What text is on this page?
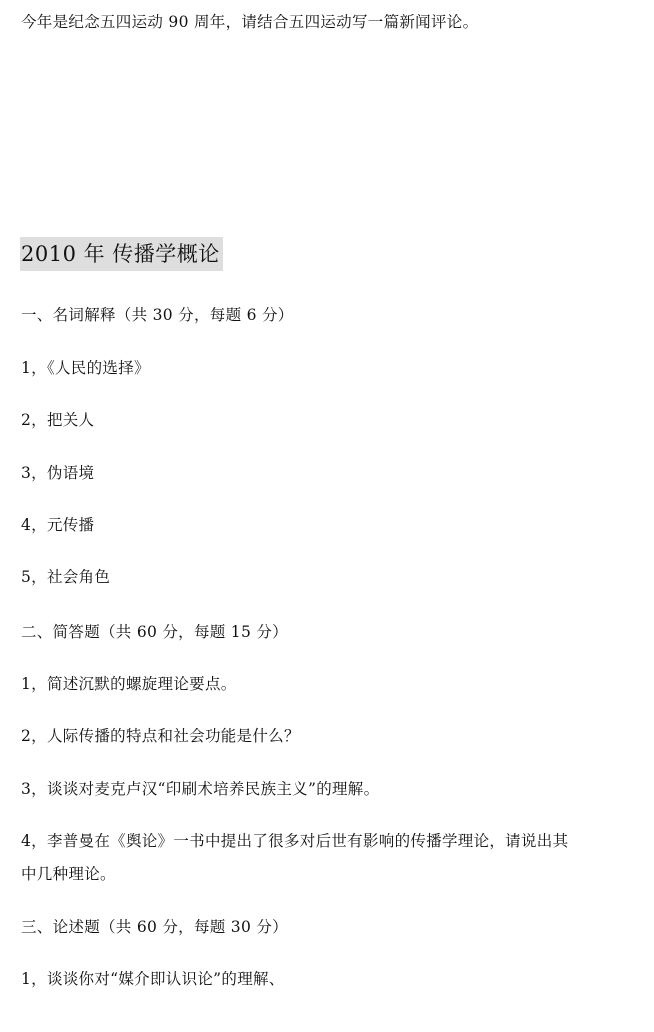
今年是纪念五四运动 90 周年，请结合五四运动写一篇新闻评论。
2010 年 传播学概论
一、名词解释（共 30 分，每题 6 分）
1，《人民的选择》
2，把关人
3，伪语境
4，元传播
5，社会角色
二、简答题（共 60 分，每题 15 分）
1，简述沉默的螺旋理论要点。
2，人际传播的特点和社会功能是什么？
3，谈谈对麦克卢汉“印刷术培养民族主义”的理解。
4，李普曼在《舆论》一书中提出了很多对后世有影响的传播学理论，请说出其
中几种理论。
三、论述题（共 60 分，每题 30 分）
1，谈谈你对“媒介即认识论”的理解、
